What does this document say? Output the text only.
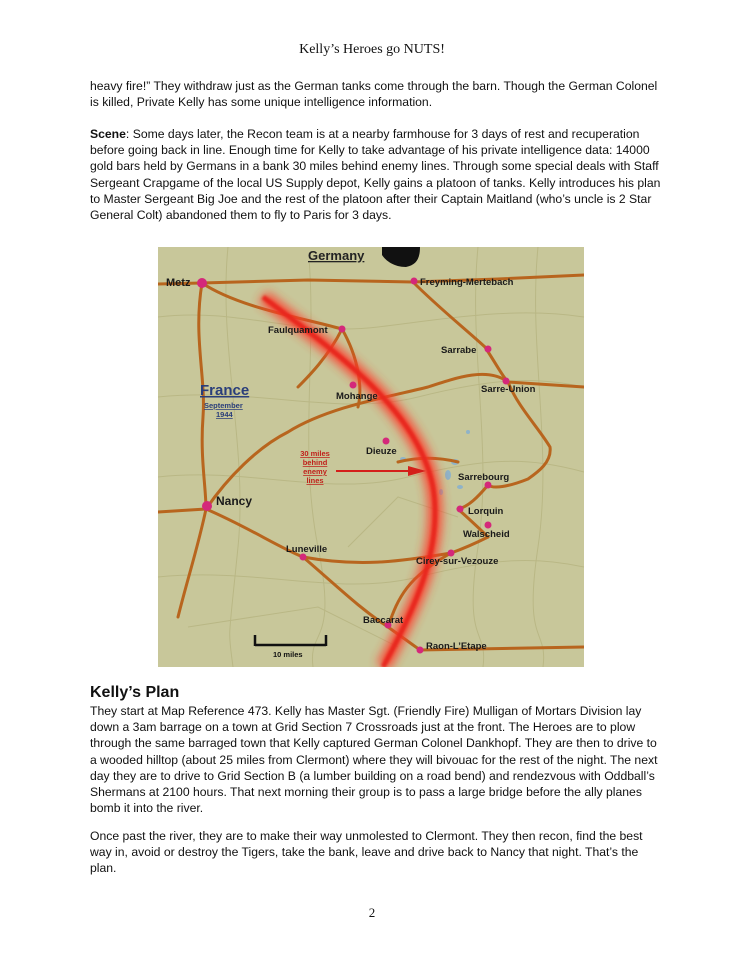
Kelly’s Heroes go NUTS!
heavy fire!” They withdraw just as the German tanks come through the barn. Though the German Colonel is killed, Private Kelly has some unique intelligence information.
Scene: Some days later, the Recon team is at a nearby farmhouse for 3 days of rest and recuperation before going back in line. Enough time for Kelly to take advantage of his private intelligence data: 14000 gold bars held by Germans in a bank 30 miles behind enemy lines. Through some special deals with Staff Sergeant Crapgame of the local US Supply depot, Kelly gains a platoon of tanks. Kelly introduces his plan to Master Sergeant Big Joe and the rest of the platoon after their Captain Maitland (who’s uncle is 2 Star General Colt) abandoned them to fly to Paris for 3 days.
Germany
Metz	Freyming-Mertebach
Faulquamont
Sarrabe
Sarre-Union
Mohange
Dieuze
Sarrebourg
Nancy
Lorquin
Walscheid
Luneville
Cirey-sur-Vezouze
Baccarat
Raon-L’Etape
France
September
1944
30 miles
behind
enemy
lines
10 miles
Kelly’s Plan
They start at Map Reference 473. Kelly has Master Sgt. (Friendly Fire) Mulligan of Mortars Division lay down a 3am barrage on a town at Grid Section 7 Crossroads just at the front. The Heroes are to plow through the same barraged town that Kelly captured German Colonel Dankhopf. They are then to drive to a wooded hilltop (about 25 miles from Clermont) where they will bivouac for the rest of the night. The next day they are to drive to Grid Section B (a lumber building on a road bend) and rendezvous with Oddball’s Shermans at 2100 hours. That next morning their group is to pass a large bridge before the ally planes bomb it into the river.
Once past the river, they are to make their way unmolested to Clermont. They then recon, find the best way in, avoid or destroy the Tigers, take the bank, leave and drive back to Nancy that night. That’s the plan.
2
